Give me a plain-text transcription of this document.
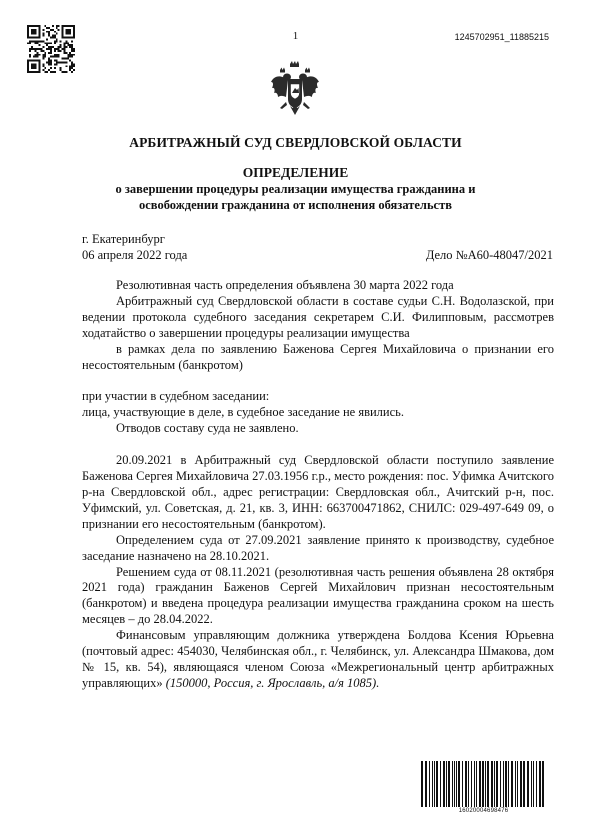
1	1245702951_11885215
АРБИТРАЖНЫЙ СУД СВЕРДЛОВСКОЙ ОБЛАСТИ
ОПРЕДЕЛЕНИЕ
о завершении процедуры реализации имущества гражданина и
освобождении гражданина от исполнения обязательств
г. Екатеринбург
06 апреля 2022 года	Дело №А60-48047/2021

Резолютивная часть определения объявлена 30 марта 2022 года

Арбитражный суд Свердловской области в составе судьи С.Н. Водолазской, при ведении протокола судебного заседания секретарем С.И. Филипповым, рассмотрев ходатайство о завершении процедуры реализации имущества

в рамках дела по заявлению Баженова Сергея Михайловича о признании его несостоятельным (банкротом)

при участии в судебном заседании:

лица, участвующие в деле, в судебное заседание не явились.

Отводов составу суда не заявлено.

20.09.2021 в Арбитражный суд Свердловской области поступило заявление Баженова Сергея Михайловича 27.03.1956 г.р., место рождения: пос. Уфимка Ачитского р-на Свердловской обл., адрес регистрации: Свердловская обл., Ачитский р-н, пос. Уфимский, ул. Советская, д. 21, кв. 3, ИНН: 663700471862, СНИЛС: 029-497-649 09, о признании его несостоятельным (банкротом).

Определением суда от 27.09.2021 заявление принято к производству, судебное заседание назначено на 28.10.2021.

Решением суда от 08.11.2021 (резолютивная часть решения объявлена 28 октября 2021 года) гражданин Баженов Сергей Михайлович признан несостоятельным (банкротом) и введена процедура реализации имущества гражданина сроком на шесть месяцев – до 28.04.2022.

Финансовым управляющим должника утверждена Болдова Ксения Юрьевна (почтовый адрес: 454030, Челябинская обл., г. Челябинск, ул. Александра Шмакова, дом № 15, кв. 54), являющаяся членом Союза «Межрегиональный центр арбитражных управляющих» (150000, Россия, г. Ярославль, а/я 1085).

16020004698476
